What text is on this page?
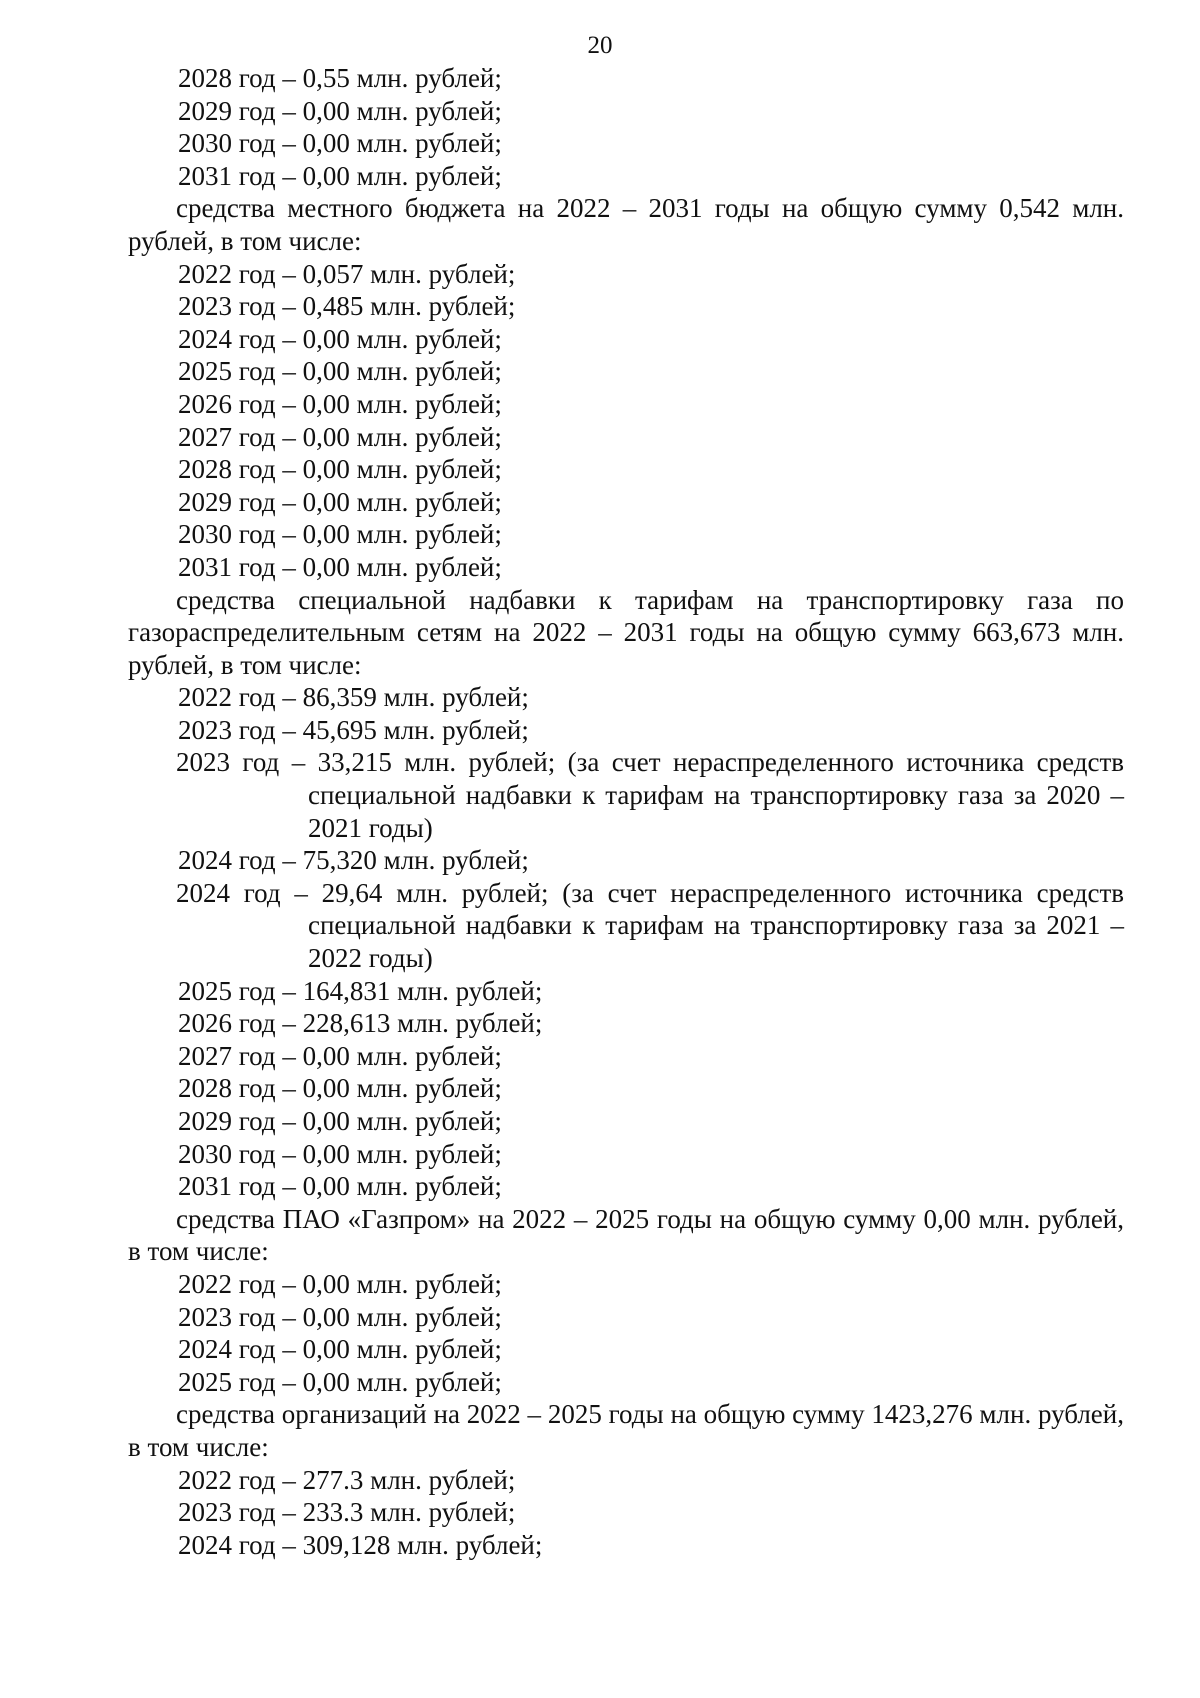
20
2028 год – 0,55 млн. рублей;
2029 год – 0,00 млн. рублей;
2030 год – 0,00 млн. рублей;
2031 год – 0,00 млн. рублей;
средства местного бюджета на 2022 – 2031 годы на общую сумму 0,542 млн. рублей, в том числе:
2022 год – 0,057 млн. рублей;
2023 год – 0,485 млн. рублей;
2024 год – 0,00 млн. рублей;
2025 год – 0,00 млн. рублей;
2026 год – 0,00 млн. рублей;
2027 год – 0,00 млн. рублей;
2028 год – 0,00 млн. рублей;
2029 год – 0,00 млн. рублей;
2030 год – 0,00 млн. рублей;
2031 год – 0,00 млн. рублей;
средства специальной надбавки к тарифам на транспортировку газа по газораспределительным сетям на 2022 – 2031 годы на общую сумму 663,673 млн. рублей, в том числе:
2022 год – 86,359 млн. рублей;
2023 год – 45,695 млн. рублей;
2023 год – 33,215 млн. рублей; (за счет нераспределенного источника средств специальной надбавки к тарифам на транспортировку газа за 2020 – 2021 годы)
2024 год – 75,320 млн. рублей;
2024 год – 29,64 млн. рублей; (за счет нераспределенного источника средств специальной надбавки к тарифам на транспортировку газа за 2021 – 2022 годы)
2025 год – 164,831 млн. рублей;
2026 год – 228,613 млн. рублей;
2027 год – 0,00 млн. рублей;
2028 год – 0,00 млн. рублей;
2029 год – 0,00 млн. рублей;
2030 год – 0,00 млн. рублей;
2031 год – 0,00 млн. рублей;
средства ПАО «Газпром» на 2022 – 2025 годы на общую сумму 0,00 млн. рублей, в том числе:
2022 год – 0,00 млн. рублей;
2023 год – 0,00 млн. рублей;
2024 год – 0,00 млн. рублей;
2025 год – 0,00 млн. рублей;
средства организаций на 2022 – 2025 годы на общую сумму 1423,276 млн. рублей, в том числе:
2022 год – 277.3 млн. рублей;
2023 год – 233.3 млн. рублей;
2024 год – 309,128 млн. рублей;
